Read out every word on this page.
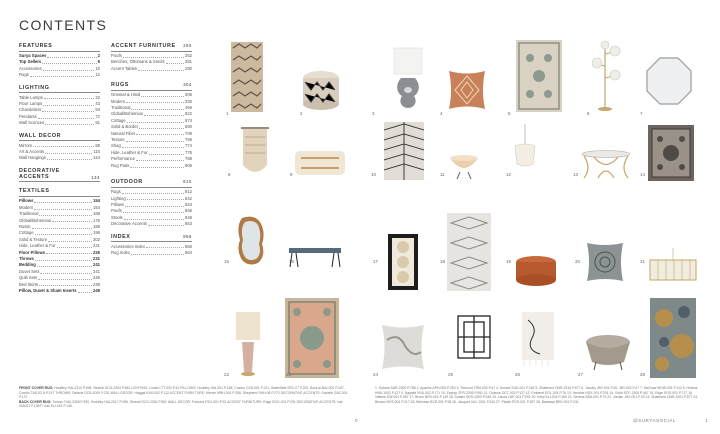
CONTENTS
FEATURES
Surya Spaces	2
Top Sellers	6
Accessories	10
Rugs	12
LIGHTING
Table Lamps	22
Floor Lamps	43
Chandeliers	53
Pendants	72
Wall Sconces	81
WALL DECOR
Mirrors	88
Art & Accents	110
Wall Hangings	124
DECORATIVE ACCENTS	134
TEXTILES
Pillows	154
Modern	154
Traditional	168
Global/Bohemian	176
Rustic	188
Cottage	196
Solid & Texture	202
Hide, Leather & Fur	221
Floor Pillows	226
Throws	231
Bedding	241
Duvet Sets	241
Quilt Sets	246
Bed Skirts	248
Pillow, Duvet & Sham Inserts	249
ACCENT FURNITURE 250
Poufs	252
Benches, Ottomans & Stools	281
Accent Tables	290
RUGS	304
Oriental & Hindi	306
Modern	330
Traditional	456
Global/Bohemian	622
Cottage	674
Solid & Border	690
Natural Fiber	708
Texture	756
Shag	774
Hide, Leather & Fur	776
Performance	788
Rug Pads	806
OUTDOOR	810
Rugs	812
Lighting	842
Pillows	843
Poufs	846
Stools	848
Decorative Accents	853
INDEX	856
Accessories Index	856
Rug Index	864
1	2	3	4	5	6	7
8	9	10	11	12	13	14
15	16	17	18	19	20	21
22	23	24	25	26	27	28
FRONT COVER RUG: Hoddley HAI-2310 P.496, Strandi SCG-2304 P.561 LIGHTING: Lorain LTT-002 P.42 PILLOWS: Hoddley HAI-001 P.168, Cosmo CXS-001 P.221, Satterfield SFD-07 P.202, Bora ai-BAI-002 P.157, Cosmo TAD-02 A P.197 THROWS: Delacie DCB-1000 P.231 WALL DECOR: Haggai KAS-002 P.112 ACCENT FURN TURE: Mervin MRH-001 P.258, Shepherd SHH-06 P.272 DECORATIVE ACCENTS: Gazelle GAZ-001 P.137
BACK COVER RUG: Tuman TUM-2305 P.330, Hoddley HAI-2317 P.496, Strandi SCG-2304 P.561 WALL DECOR: Famous FSO-001 P.92 ACCENT FURNITURE: Edge EDG-001 P.291 DECORATIVE ACCENTS: Isla ISA001 P.138 P. Kali KLI-001 P.136
1. Sahara SAR-2300 P.788 2. Apache APH-005 P.253 3. Tremont TRM-002 P.47 4. Sunset SUE-001 P.182 5. Shattered ONR-2316 P.577 6. Jacoby JBY-001 P.26, JBY-002 P.47 7. McGraw MGW-001 P.112 8. Helena HNA-1002 P.127 9. Nayalle NYA-002 P.171 10. Zephyr ZPR-2305 P.551 11. Octavie OCT-002 P.127 12. Emberel EGL-001 P.76 13. Hendrix HDX-001 P.291 14. Solid SCF-2300 P.467 15. Edge EGS-001 P.717 16. Vallerie EW-001 P.287 17. Bronx BRX-001 P.139 18. Solaire SDS-2300 P.345 19. Lanza LNP-001 P.252 20. Kelly KLI-004 P.160 21. Serena SBA-001 P.73 22. Jordan JNY-001 P.29 23. Shattered ONR-2301 P.577 24. Bonam BVS-004 P.217 25. Beliveau BVE-001 P.98 26. Jacquet JAC-1001 P.234 27. Plaide PDS-001 P.287 28. Basbaye BRV-001 P.231
0	@SURYASOCIAL	1
